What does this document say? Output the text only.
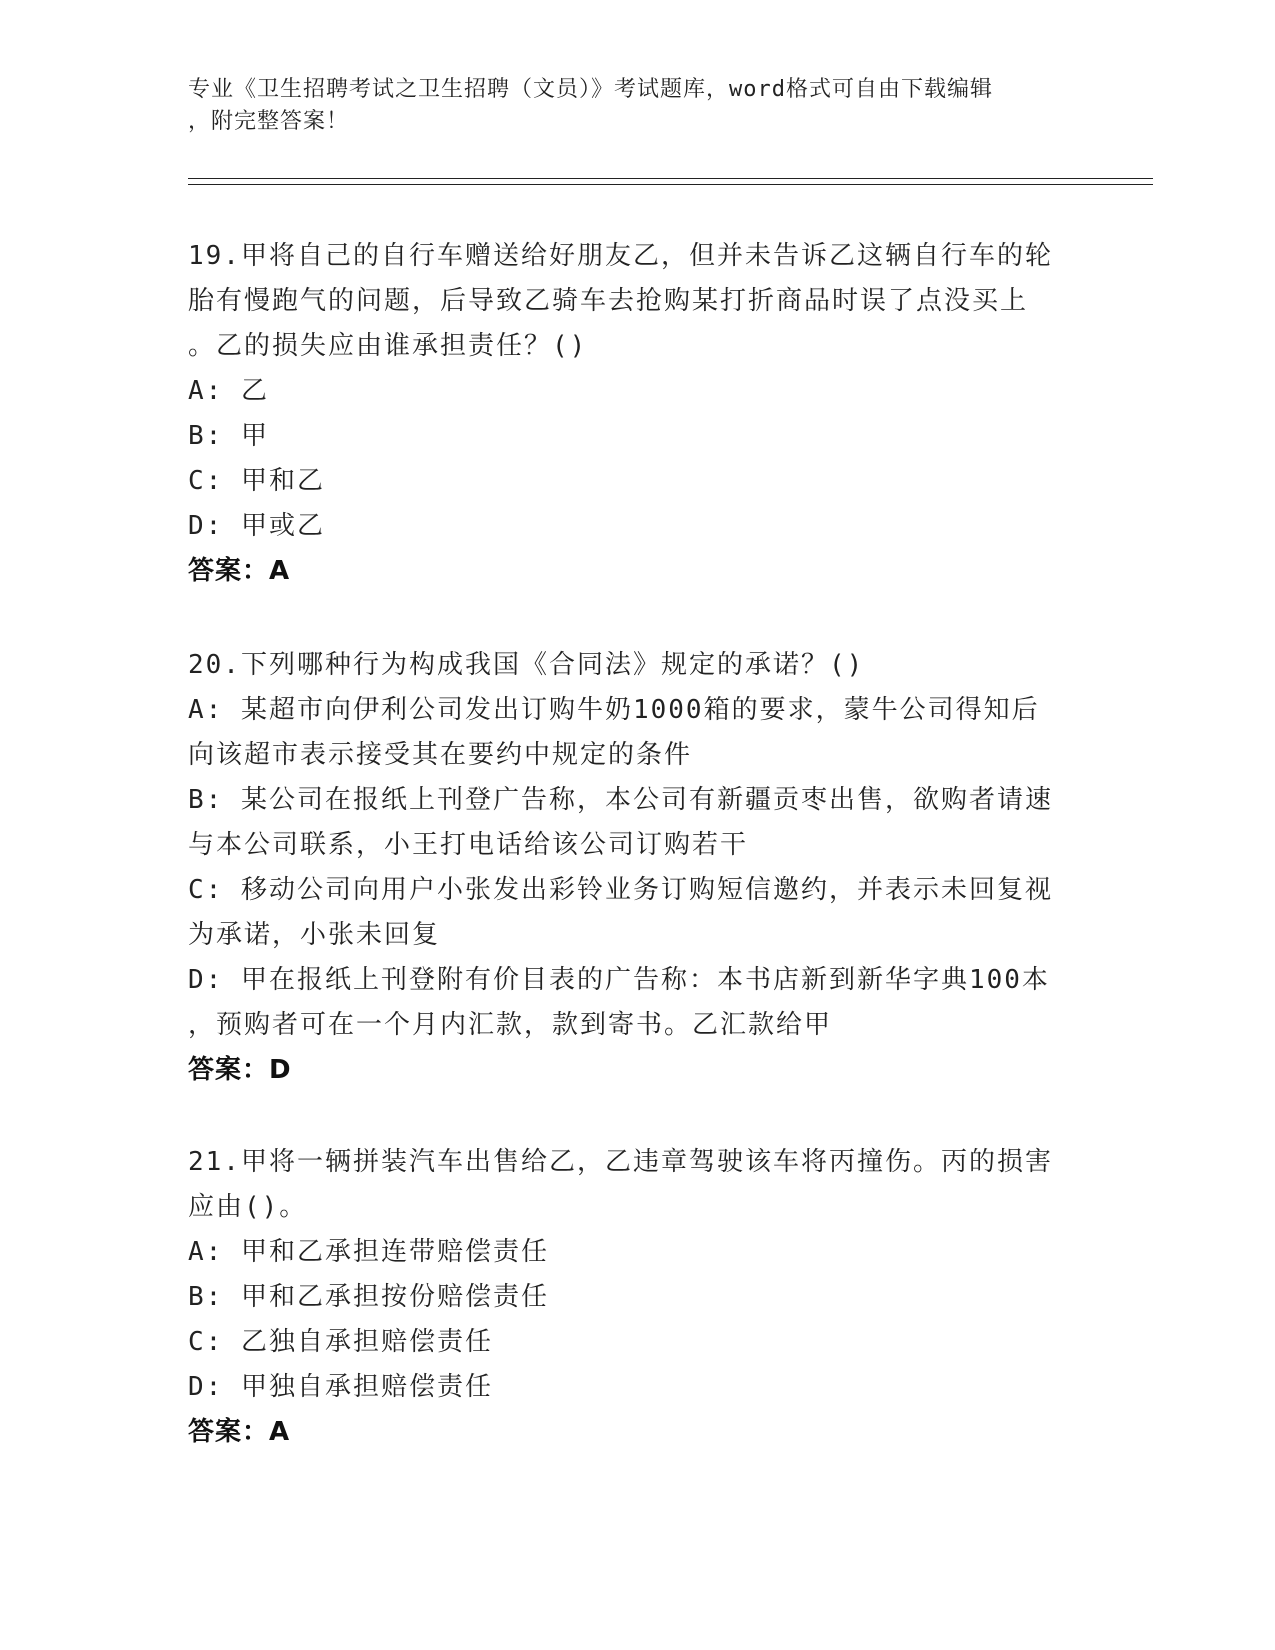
专业《卫生招聘考试之卫生招聘（文员）》考试题库，word格式可自由下载编辑
，附完整答案！
19.甲将自己的自行车赠送给好朋友乙，但并未告诉乙这辆自行车的轮
胎有慢跑气的问题，后导致乙骑车去抢购某打折商品时误了点没买上
。乙的损失应由谁承担责任？()
A: 乙
B: 甲
C: 甲和乙
D: 甲或乙
答案：A
20.下列哪种行为构成我国《合同法》规定的承诺？()
A: 某超市向伊利公司发出订购牛奶1000箱的要求，蒙牛公司得知后
向该超市表示接受其在要约中规定的条件
B: 某公司在报纸上刊登广告称，本公司有新疆贡枣出售，欲购者请速
与本公司联系，小王打电话给该公司订购若干
C: 移动公司向用户小张发出彩铃业务订购短信邀约，并表示未回复视
为承诺，小张未回复
D: 甲在报纸上刊登附有价目表的广告称：本书店新到新华字典100本
，预购者可在一个月内汇款，款到寄书。乙汇款给甲
答案：D
21.甲将一辆拼装汽车出售给乙，乙违章驾驶该车将丙撞伤。丙的损害
应由()。
A: 甲和乙承担连带赔偿责任
B: 甲和乙承担按份赔偿责任
C: 乙独自承担赔偿责任
D: 甲独自承担赔偿责任
答案：A
